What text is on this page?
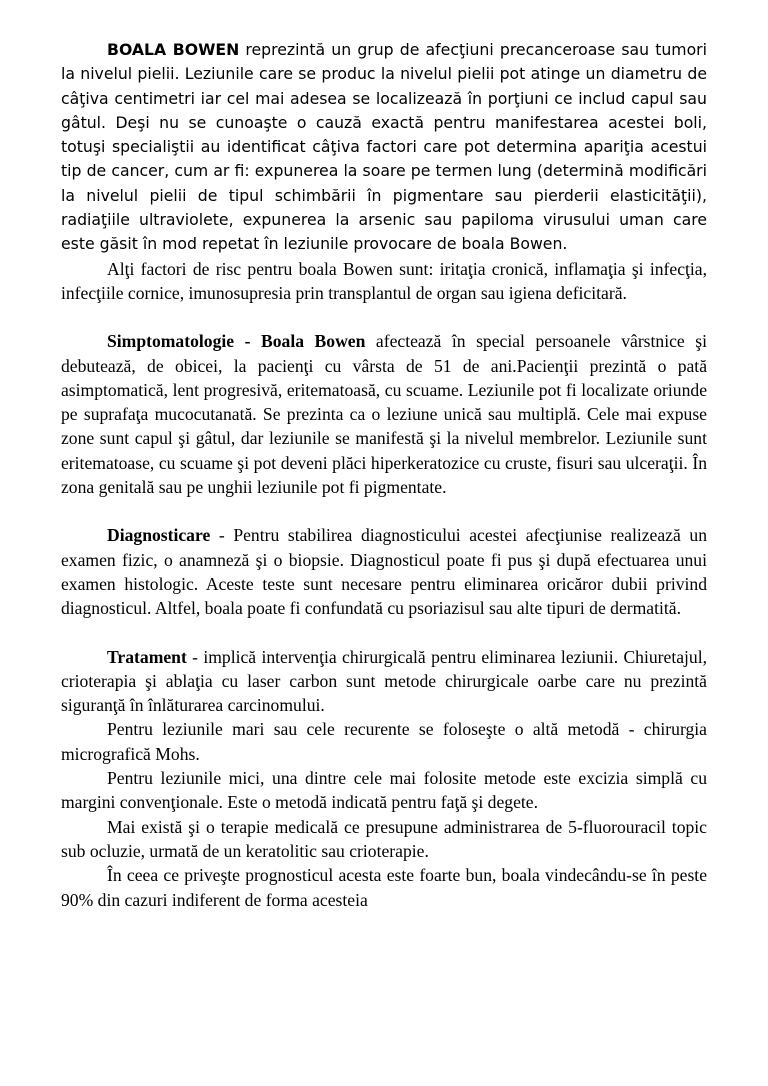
BOALA BOWEN reprezintă un grup de afecţiuni precanceroase sau tumori la nivelul pielii. Leziunile care se produc la nivelul pielii pot atinge un diametru de câţiva centimetri iar cel mai adesea se localizează în porţiuni ce includ capul sau gâtul. Deşi nu se cunoaşte o cauză exactă pentru manifestarea acestei boli, totuşi specialiştii au identificat câţiva factori care pot determina apariţia acestui tip de cancer, cum ar fi: expunerea la soare pe termen lung (determină modificări la nivelul pielii de tipul schimbării în pigmentare sau pierderii elasticităţii), radiaţiile ultraviolete, expunerea la arsenic sau papiloma virusului uman care este găsit în mod repetat în leziunile provocare de boala Bowen.

Alţi factori de risc pentru boala Bowen sunt: iritaţia cronică, inflamaţia şi infecţia, infecţiile cornice, imunosupresia prin transplantul de organ sau igiena deficitară.

Simptomatologie - Boala Bowen afectează în special persoanele vârstnice şi debutează, de obicei, la pacienţi cu vârsta de 51 de ani.Pacienţii prezintă o pată asimptomatică, lent progresivă, eritematoasă, cu scuame. Leziunile pot fi localizate oriunde pe suprafaţa mucocutanată. Se prezinta ca o leziune unică sau multiplă. Cele mai expuse zone sunt capul şi gâtul, dar leziunile se manifestă şi la nivelul membrelor. Leziunile sunt eritematoase, cu scuame şi pot deveni plăci hiperkeratozice cu cruste, fisuri sau ulceraţii. În zona genitală sau pe unghii leziunile pot fi pigmentate.

Diagnosticare - Pentru stabilirea diagnosticului acestei afecţiunise realizează un examen fizic, o anamneză şi o biopsie. Diagnosticul poate fi pus şi după efectuarea unui examen histologic. Aceste teste sunt necesare pentru eliminarea oricăror dubii privind diagnosticul. Altfel, boala poate fi confundată cu psoriazisul sau alte tipuri de dermatită.

Tratament - implică intervenţia chirurgicală pentru eliminarea leziunii. Chiuretajul, crioterapia şi ablaţia cu laser carbon sunt metode chirurgicale oarbe care nu prezintă siguranţă în înlăturarea carcinomului.

Pentru leziunile mari sau cele recurente se foloseşte o altă metodă - chirurgia micrografică Mohs.

Pentru leziunile mici, una dintre cele mai folosite metode este excizia simplă cu margini convenţionale. Este o metodă indicată pentru faţă şi degete.

Mai există şi o terapie medicală ce presupune administrarea de 5-fluorouracil topic sub ocluzie, urmată de un keratolitic sau crioterapie.

În ceea ce priveşte prognosticul acesta este foarte bun, boala vindecându-se în peste 90% din cazuri indiferent de forma acesteia
